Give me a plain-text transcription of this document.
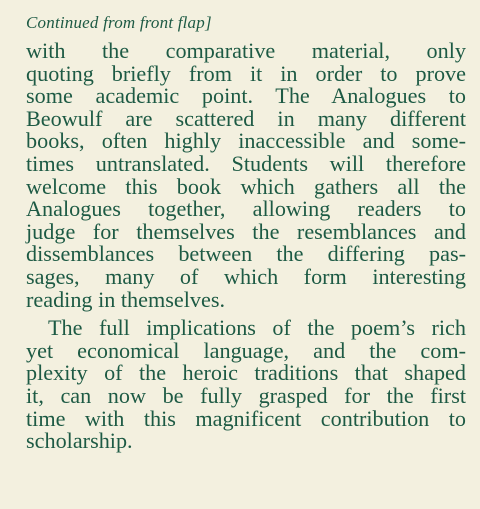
Continued from front flap]
with the comparative material, only
quoting briefly from it in order to prove
some academic point. The Analogues to
Beowulf are scattered in many different
books, often highly inaccessible and some-
times untranslated. Students will therefore
welcome this book which gathers all the
Analogues together, allowing readers to
judge for themselves the resemblances and
dissemblances between the differing pas-
sages, many of which form interesting
reading in themselves.
The full implications of the poem’s rich
yet economical language, and the com-
plexity of the heroic traditions that shaped
it, can now be fully grasped for the first
time with this magnificent contribution to
scholarship.
